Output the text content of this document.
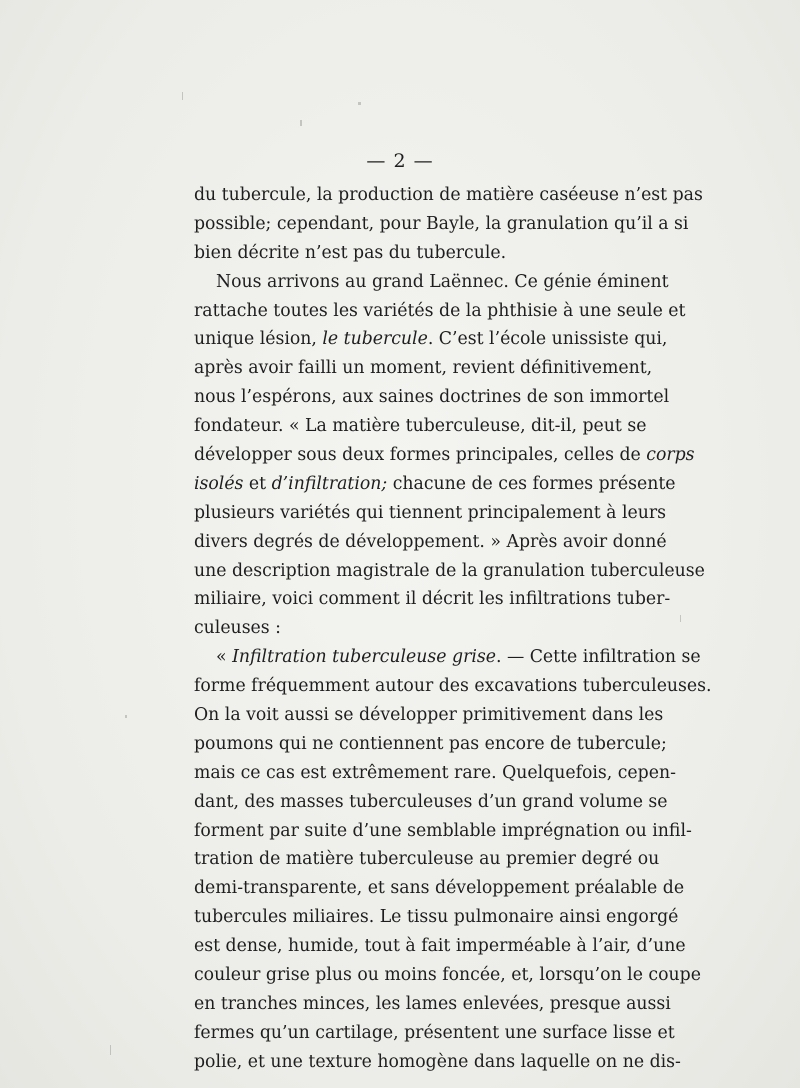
— 2 —
du tubercule, la production de matière caséeuse n’est pas
possible; cependant, pour Bayle, la granulation qu’il a si
bien décrite n’est pas du tubercule.
Nous arrivons au grand Laënnec. Ce génie éminent
rattache toutes les variétés de la phthisie à une seule et
unique lésion, le tubercule. C’est l’école unissiste qui,
après avoir failli un moment, revient définitivement,
nous l’espérons, aux saines doctrines de son immortel
fondateur. « La matière tuberculeuse, dit-il, peut se
développer sous deux formes principales, celles de corps
isolés et d’infiltration; chacune de ces formes présente
plusieurs variétés qui tiennent principalement à leurs
divers degrés de développement. » Après avoir donné
une description magistrale de la granulation tuberculeuse
miliaire, voici comment il décrit les infiltrations tuber-
culeuses :
« Infiltration tuberculeuse grise. — Cette infiltration se
forme fréquemment autour des excavations tuberculeuses.
On la voit aussi se développer primitivement dans les
poumons qui ne contiennent pas encore de tubercule;
mais ce cas est extrêmement rare. Quelquefois, cepen-
dant, des masses tuberculeuses d’un grand volume se
forment par suite d’une semblable imprégnation ou infil-
tration de matière tuberculeuse au premier degré ou
demi-transparente, et sans développement préalable de
tubercules miliaires. Le tissu pulmonaire ainsi engorgé
est dense, humide, tout à fait imperméable à l’air, d’une
couleur grise plus ou moins foncée, et, lorsqu’on le coupe
en tranches minces, les lames enlevées, presque aussi
fermes qu’un cartilage, présentent une surface lisse et
polie, et une texture homogène dans laquelle on ne dis-
